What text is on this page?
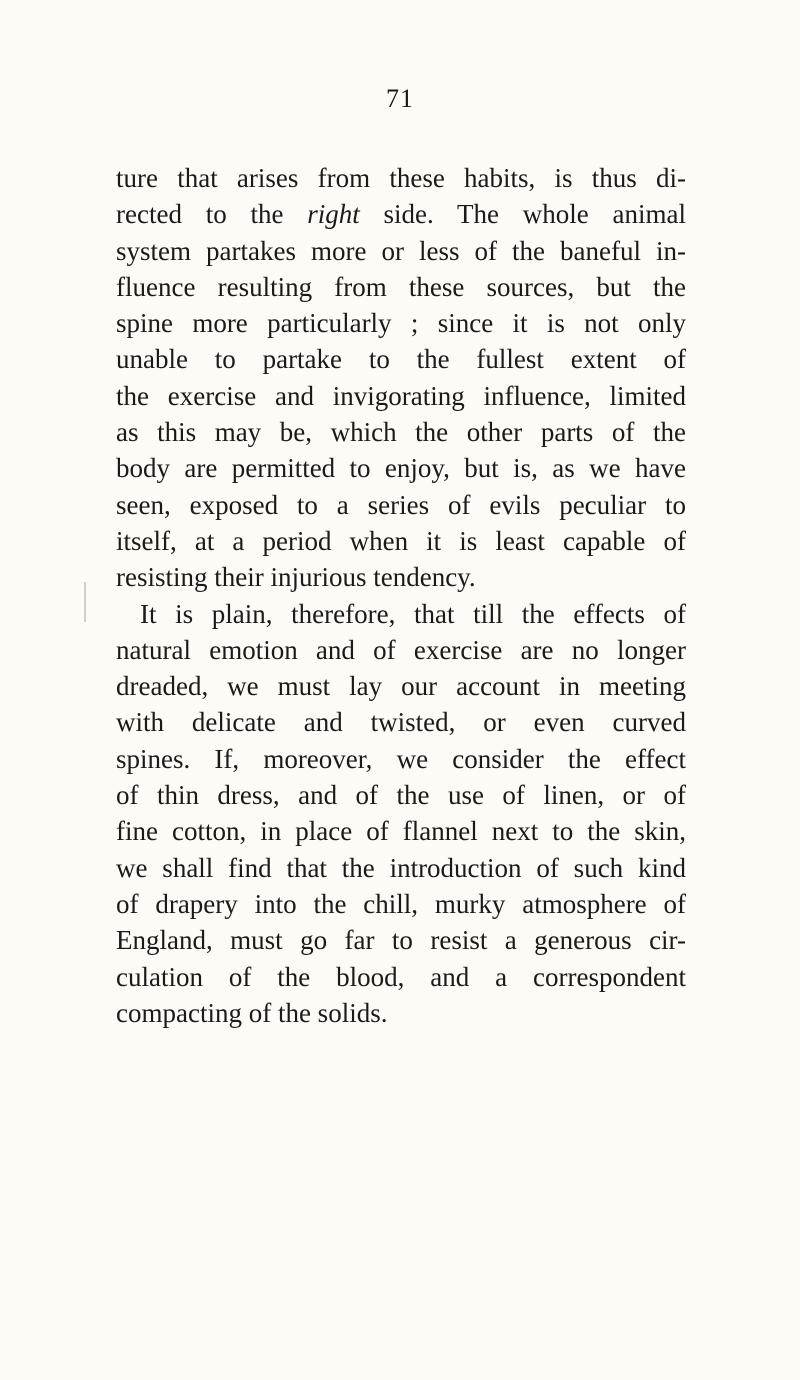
71
ture that arises from these habits, is thus di-
rected to the right side. The whole animal
system partakes more or less of the baneful in-
fluence resulting from these sources, but the
spine more particularly ; since it is not only
unable to partake to the fullest extent of
the exercise and invigorating influence, limited
as this may be, which the other parts of the
body are permitted to enjoy, but is, as we have
seen, exposed to a series of evils peculiar to
itself, at a period when it is least capable of
resisting their injurious tendency.
It is plain, therefore, that till the effects of
natural emotion and of exercise are no longer
dreaded, we must lay our account in meeting
with delicate and twisted, or even curved
spines. If, moreover, we consider the effect
of thin dress, and of the use of linen, or of
fine cotton, in place of flannel next to the skin,
we shall find that the introduction of such kind
of drapery into the chill, murky atmosphere of
England, must go far to resist a generous cir-
culation of the blood, and a correspondent
compacting of the solids.
